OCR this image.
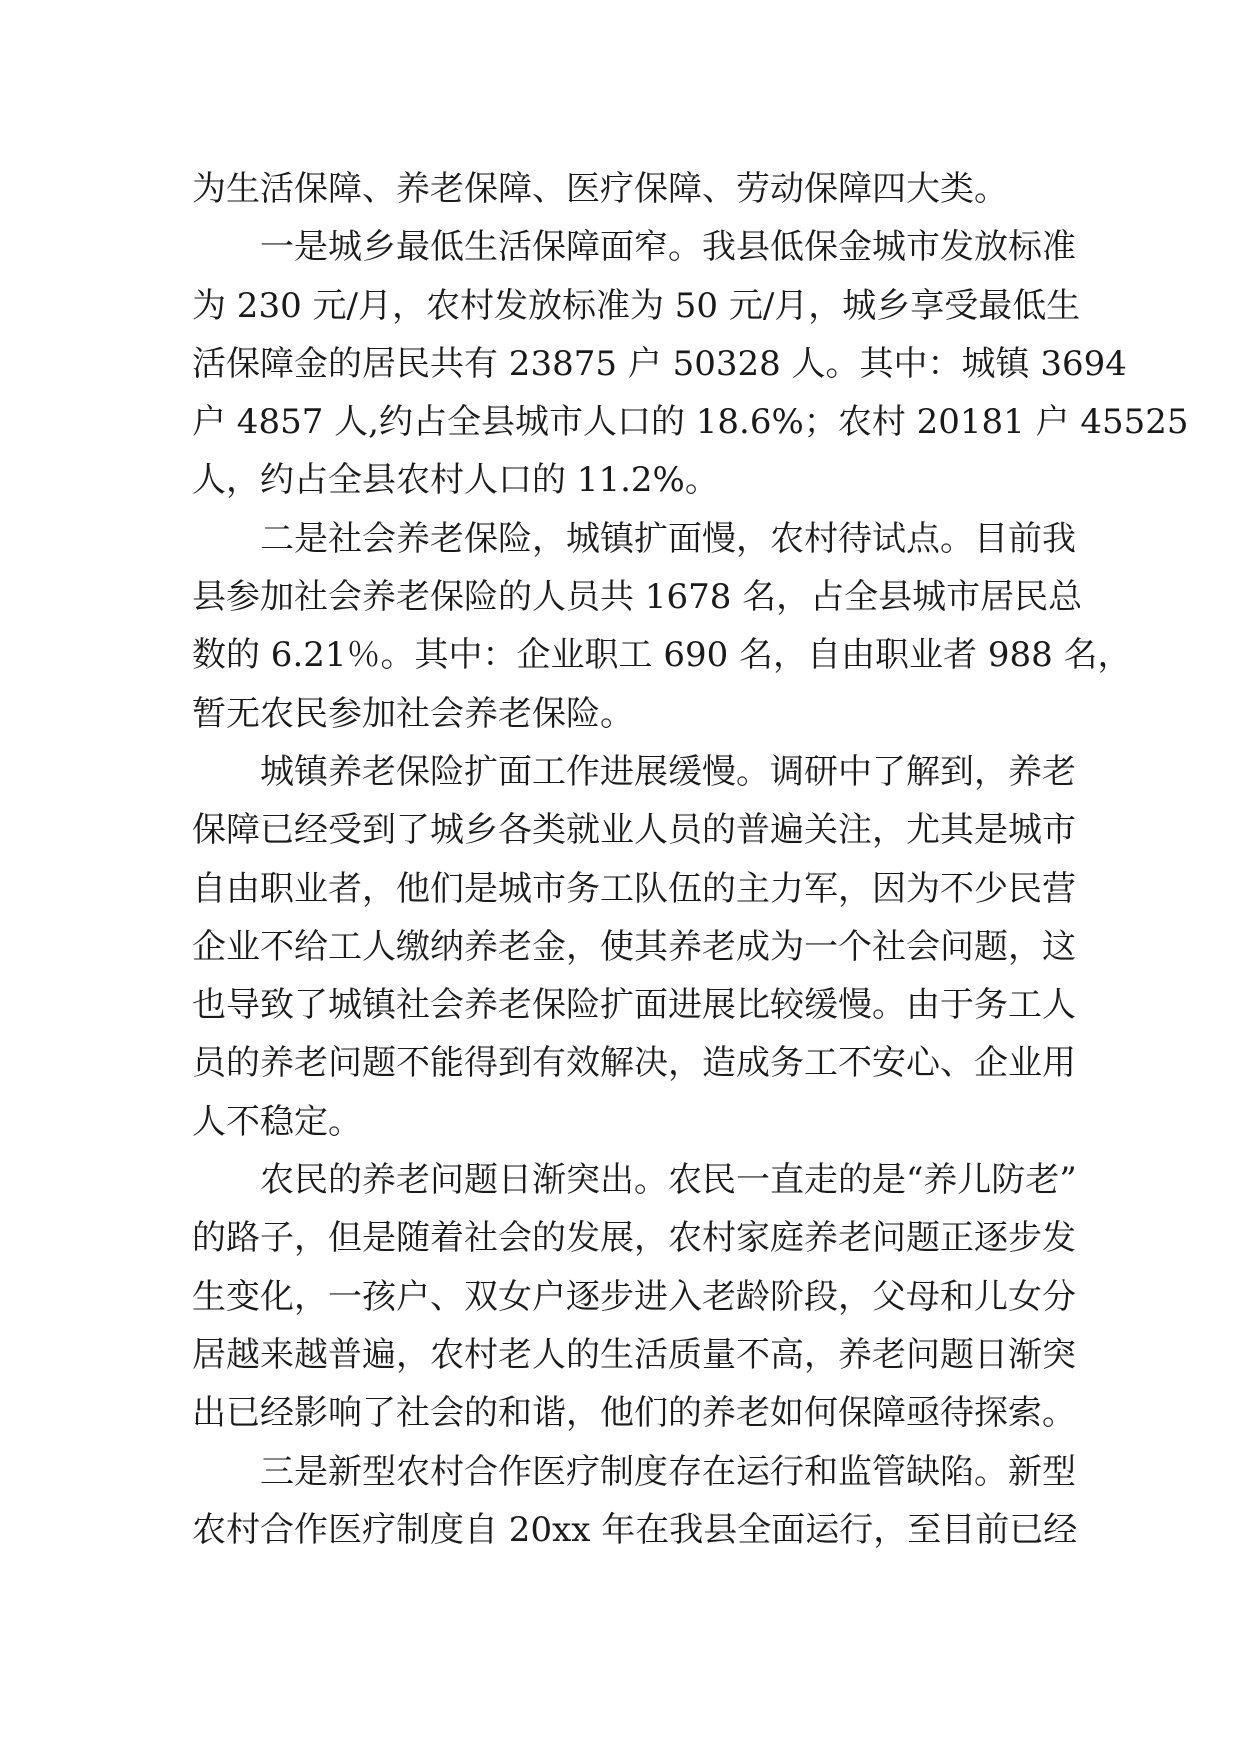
为生活保障、养老保障、医疗保障、劳动保障四大类。
一是城乡最低生活保障面窄。我县低保金城市发放标准
为 230 元/月，农村发放标准为 50 元/月，城乡享受最低生
活保障金的居民共有 23875 户 50328 人。其中：城镇 3694
户 4857 人,约占全县城市人口的 18.6%；农村 20181 户 45525
人，约占全县农村人口的 11.2%。
二是社会养老保险，城镇扩面慢，农村待试点。目前我
县参加社会养老保险的人员共 1678 名，占全县城市居民总
数的 6.21％。其中：企业职工 690 名，自由职业者 988 名，
暂无农民参加社会养老保险。
城镇养老保险扩面工作进展缓慢。调研中了解到，养老
保障已经受到了城乡各类就业人员的普遍关注，尤其是城市
自由职业者，他们是城市务工队伍的主力军，因为不少民营
企业不给工人缴纳养老金，使其养老成为一个社会问题，这
也导致了城镇社会养老保险扩面进展比较缓慢。由于务工人
员的养老问题不能得到有效解决，造成务工不安心、企业用
人不稳定。
农民的养老问题日渐突出。农民一直走的是“养儿防老”
的路子，但是随着社会的发展，农村家庭养老问题正逐步发
生变化，一孩户、双女户逐步进入老龄阶段，父母和儿女分
居越来越普遍，农村老人的生活质量不高，养老问题日渐突
出已经影响了社会的和谐，他们的养老如何保障亟待探索。
三是新型农村合作医疗制度存在运行和监管缺陷。新型
农村合作医疗制度自 20xx 年在我县全面运行，至目前已经
